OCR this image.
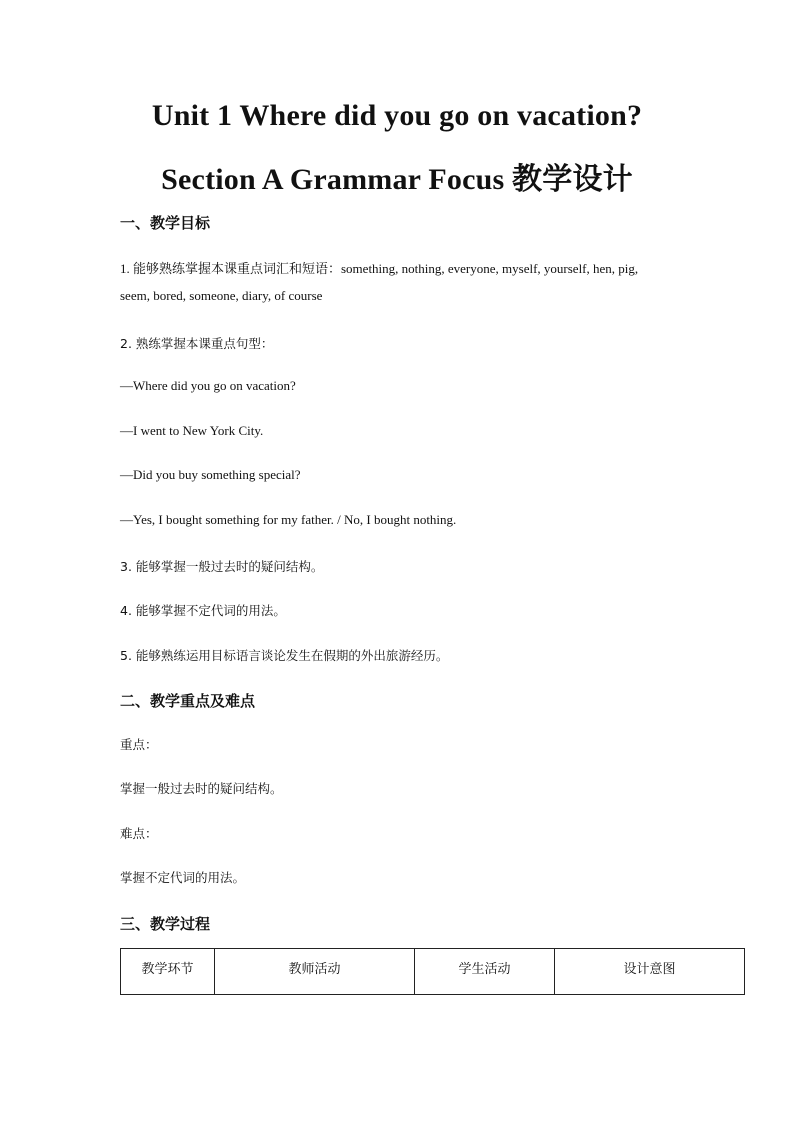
Unit 1 Where did you go on vacation?
Section A Grammar Focus 教学设计
一、教学目标
1. 能够熟练掌握本课重点词汇和短语：something, nothing, everyone, myself, yourself, hen, pig,
seem, bored, someone, diary, of course
2. 熟练掌握本课重点句型：
—Where did you go on vacation?
—I went to New York City.
—Did you buy something special?
—Yes, I bought something for my father. / No, I bought nothing.
3. 能够掌握一般过去时的疑问结构。
4. 能够掌握不定代词的用法。
5. 能够熟练运用目标语言谈论发生在假期的外出旅游经历。
二、教学重点及难点
重点：
掌握一般过去时的疑问结构。
难点：
掌握不定代词的用法。
三、教学过程
教学环节	教师活动	学生活动	设计意图
